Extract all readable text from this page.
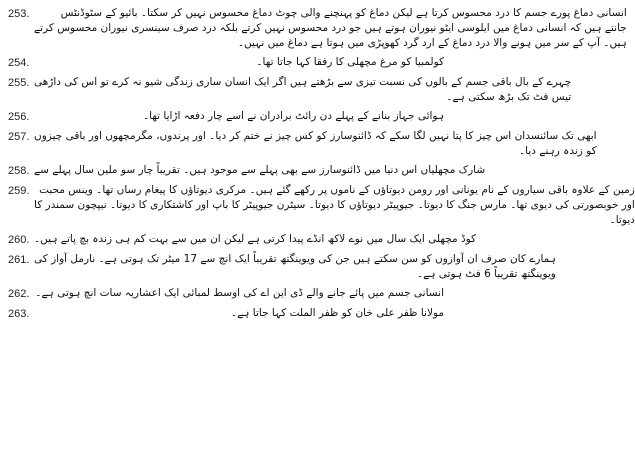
253.	انسانی دماغ پورے جسم کا درد محسوس کرتا ہے لیکن دماغ کو پہنچنے والی چوٹ دماغ محسوس نہیں کر سکتا۔ بائیو کے سٹوڈنٹس
جانتے ہیں کہ انسانی دماغ میں ایلوسی ایٹو نیوران ہوتے ہیں جو درد محسوس نہیں کرتے بلکہ درد صرف سینسری نیوران محسوس کرتے
ہیں۔ آپ کے سر میں ہونے والا درد دماغ کے ارد گرد کھوپڑی میں ہوتا ہے دماغ میں نہیں۔
254.	کولمبیا کو مرغ مچھلی کا رفقا کہا جاتا تھا۔
255. چہرے کے بال باقی جسم کے بالوں کی نسبت تیزی سے بڑھتے ہیں اگر ایک انسان ساری زندگی شیو نہ کرے تو اس کی داڑھی
تیس فٹ تک بڑھ سکتی ہے۔
256.	ہوائی جہاز بنانے کے پہلے دن رائٹ برادران نے اسے چار دفعہ اڑایا تھا۔
257. ابھی تک سائنسدان اس چیز کا پتا نہیں لگا سکے کہ ڈائنوسارز کو کس چیز نے ختم کر دیا۔ اور پرندوں، مگرمچھوں اور باقی چیزوں
کو زندہ رہنے دیا۔
258. شارک مچھلیاں اس دنیا میں ڈائنوسارز سے بھی پہلے سے موجود ہیں۔ تقریباً چار سو ملین سال پہلے سے
259. زمین کے علاوہ باقی سیاروں کے نام یونانی اور رومن دیوتاؤں کے ناموں پر رکھے گئے ہیں۔ مرکری دیوتاؤں کا پیغام رساں تھا۔ وینس محبت
اور خوبصورتی کی دیوی تھا۔ مارس جنگ کا دیوتا۔ جیوپیٹر دیوتاؤں کا دیوتا۔ سیٹرن جیوپیٹر کا باپ اور کاشتکاری کا دیوتا۔ نیپچون سمندر کا
دیوتا۔
260. کوڈ مچھلی ایک سال میں نوے لاکھ انڈے پیدا کرتی ہے لیکن ان میں سے بہت کم ہی زندہ بچ پاتے ہیں۔
261. ہمارے کان صرف ان آوازوں کو سن سکتے ہیں جن کی ویوینگتھ تقریباً ایک انچ سے 17 میٹر تک ہوتی ہے۔ نارمل آواز کی
ویوینگتھ تقریباً 6 فٹ ہوتی ہے۔
262. انسانی جسم میں پائے جانے والے ڈی این اے کی اوسط لمبائی ایک اعشاریہ سات انچ ہوتی ہے۔
263.	مولانا ظفر علی خان کو ظفر الملت کہا جاتا ہے۔
